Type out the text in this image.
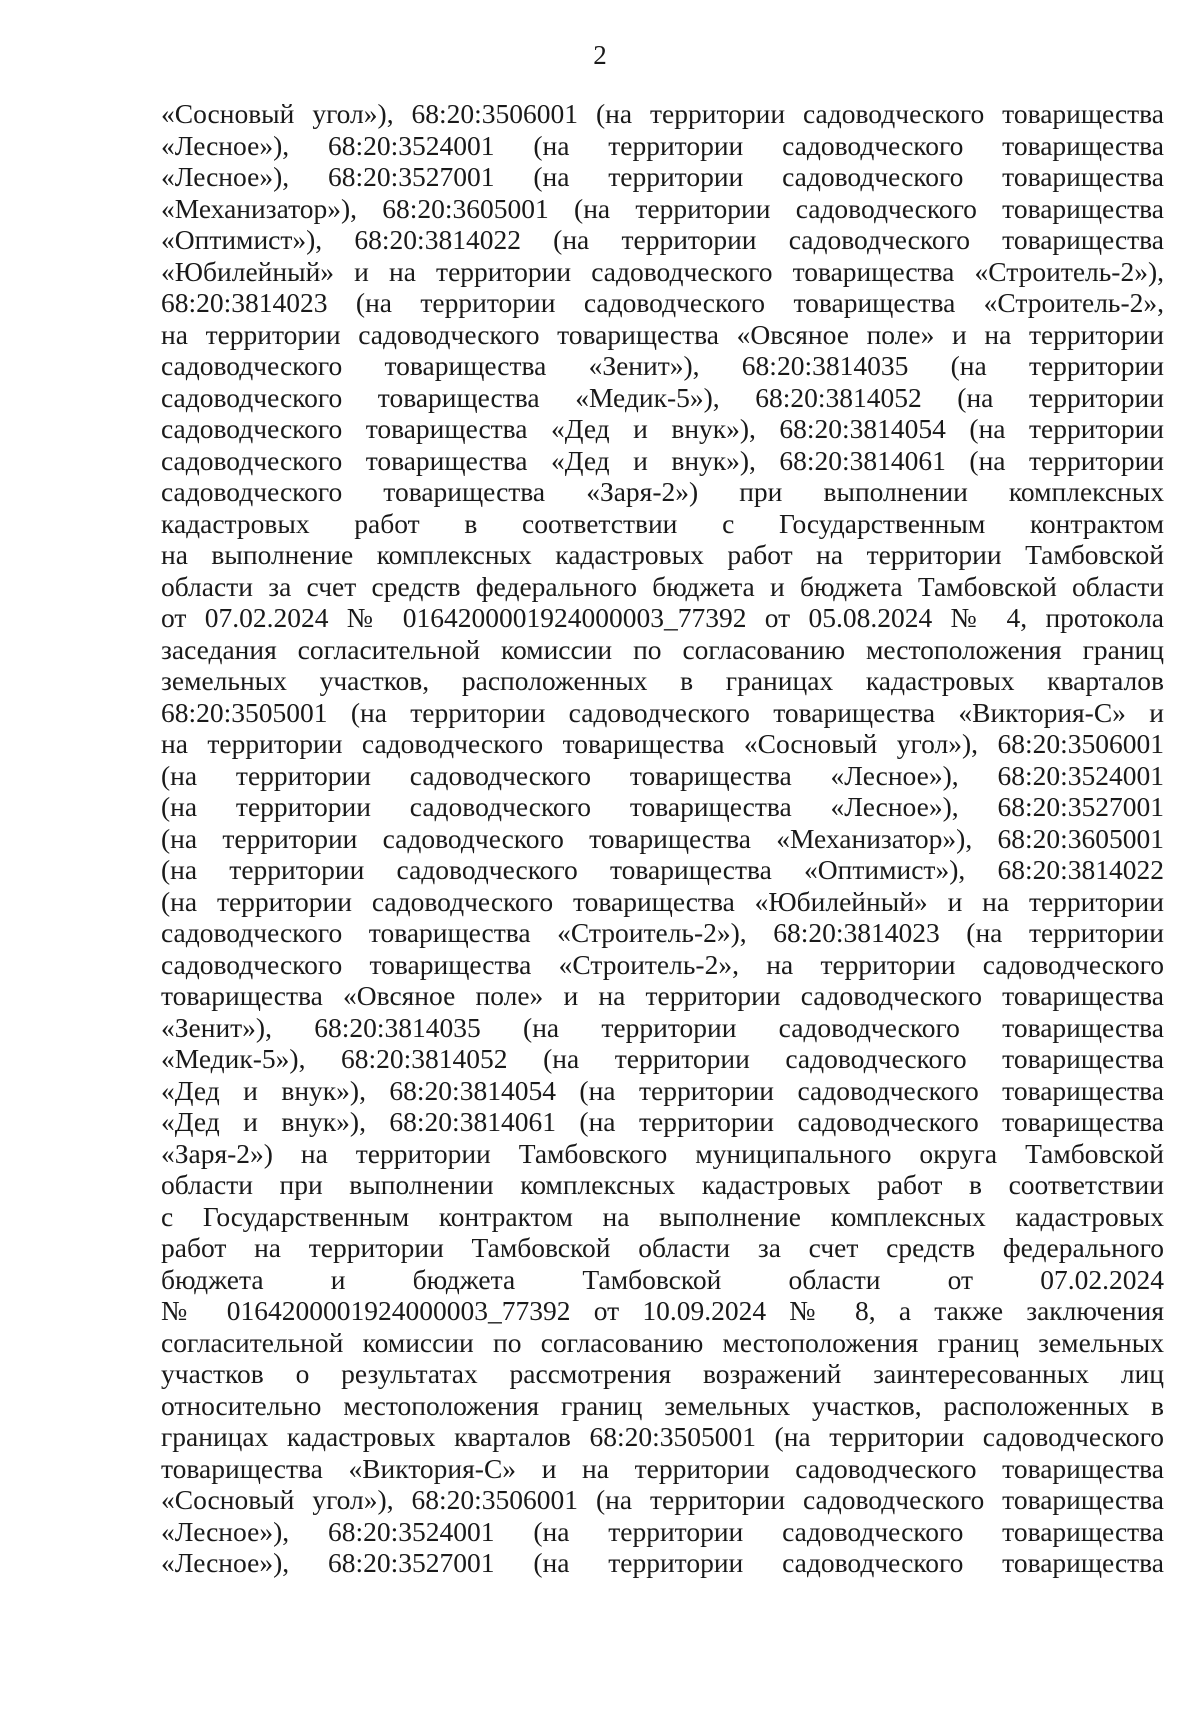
2
«Сосновый угол»), 68:20:3506001 (на территории садоводческого товарищества
«Лесное»), 68:20:3524001 (на территории садоводческого товарищества
«Лесное»), 68:20:3527001 (на территории садоводческого товарищества
«Механизатор»), 68:20:3605001 (на территории садоводческого товарищества
«Оптимист»), 68:20:3814022 (на территории садоводческого товарищества
«Юбилейный» и на территории садоводческого товарищества «Строитель-2»),
68:20:3814023 (на территории садоводческого товарищества «Строитель-2»,
на территории садоводческого товарищества «Овсяное поле» и на территории
садоводческого товарищества «Зенит»), 68:20:3814035 (на территории
садоводческого товарищества «Медик-5»), 68:20:3814052 (на территории
садоводческого товарищества «Дед и внук»), 68:20:3814054 (на территории
садоводческого товарищества «Дед и внук»), 68:20:3814061 (на территории
садоводческого товарищества «Заря-2») при выполнении комплексных
кадастровых работ в соответствии с Государственным контрактом
на выполнение комплексных кадастровых работ на территории Тамбовской
области за счет средств федерального бюджета и бюджета Тамбовской области
от 07.02.2024 № 0164200001924000003_77392 от 05.08.2024 № 4, протокола
заседания согласительной комиссии по согласованию местоположения границ
земельных участков, расположенных в границах кадастровых кварталов
68:20:3505001 (на территории садоводческого товарищества «Виктория-С» и
на территории садоводческого товарищества «Сосновый угол»), 68:20:3506001
(на территории садоводческого товарищества «Лесное»), 68:20:3524001
(на территории садоводческого товарищества «Лесное»), 68:20:3527001
(на территории садоводческого товарищества «Механизатор»), 68:20:3605001
(на территории садоводческого товарищества «Оптимист»), 68:20:3814022
(на территории садоводческого товарищества «Юбилейный» и на территории
садоводческого товарищества «Строитель-2»), 68:20:3814023 (на территории
садоводческого товарищества «Строитель-2», на территории садоводческого
товарищества «Овсяное поле» и на территории садоводческого товарищества
«Зенит»), 68:20:3814035 (на территории садоводческого товарищества
«Медик-5»), 68:20:3814052 (на территории садоводческого товарищества
«Дед и внук»), 68:20:3814054 (на территории садоводческого товарищества
«Дед и внук»), 68:20:3814061 (на территории садоводческого товарищества
«Заря-2») на территории Тамбовского муниципального округа Тамбовской
области при выполнении комплексных кадастровых работ в соответствии
с Государственным контрактом на выполнение комплексных кадастровых
работ на территории Тамбовской области за счет средств федерального
бюджета и бюджета Тамбовской области от 07.02.2024
№ 0164200001924000003_77392 от 10.09.2024 № 8, а также заключения
согласительной комиссии по согласованию местоположения границ земельных
участков о результатах рассмотрения возражений заинтересованных лиц
относительно местоположения границ земельных участков, расположенных в
границах кадастровых кварталов 68:20:3505001 (на территории садоводческого
товарищества «Виктория-С» и на территории садоводческого товарищества
«Сосновый угол»), 68:20:3506001 (на территории садоводческого товарищества
«Лесное»), 68:20:3524001 (на территории садоводческого товарищества
«Лесное»), 68:20:3527001 (на территории садоводческого товарищества
